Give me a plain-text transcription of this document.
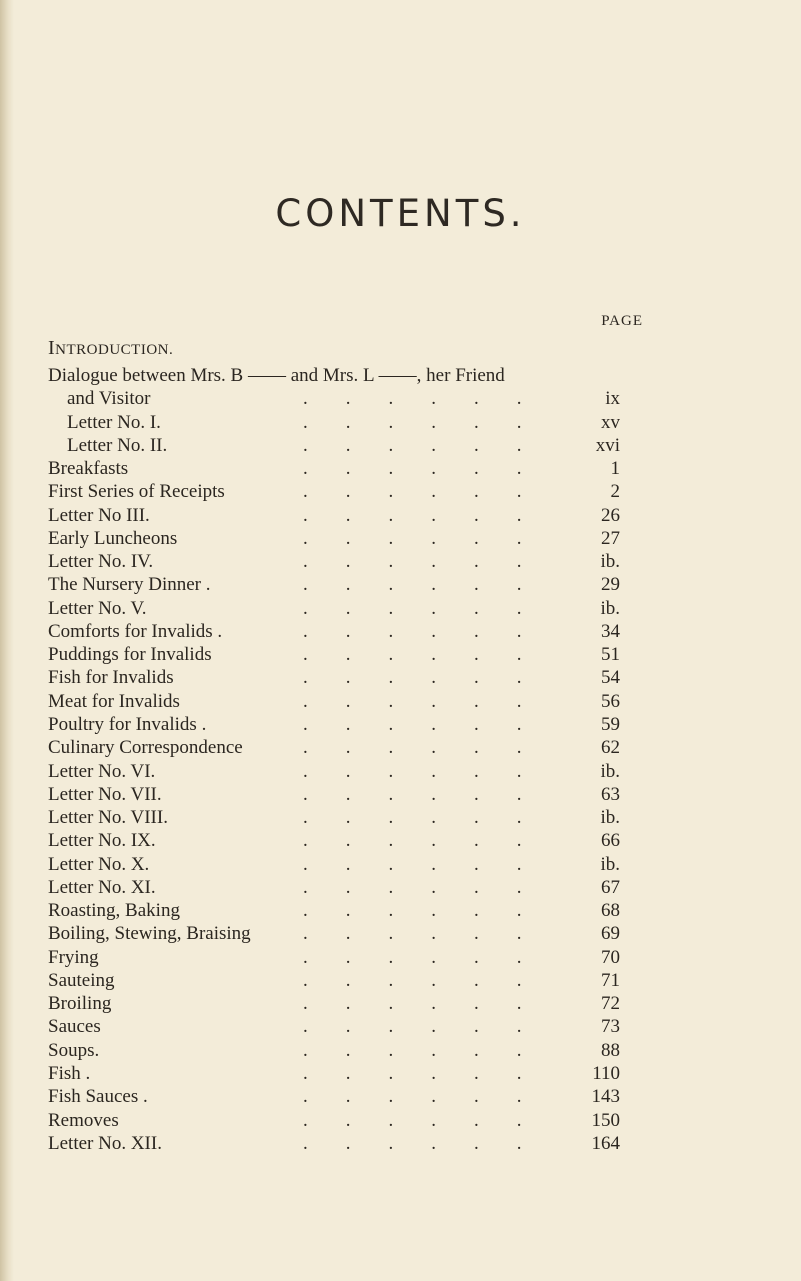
CONTENTS.
PAGE
INTRODUCTION.
Dialogue between Mrs. B —— and Mrs. L ——, her Friend
and Visitor	.        .        .        .        .        .	ix
Letter No. I.	.        .        .        .        .        .	xv
Letter No. II.	.        .        .        .        .        .	xvi
Breakfasts	.        .        .        .        .        .	1
First Series of Receipts	.        .        .        .        .        .	2
Letter No III.	.        .        .        .        .        .	26
Early Luncheons	.        .        .        .        .        .	27
Letter No. IV.	.        .        .        .        .        .	ib.
The Nursery Dinner .	.        .        .        .        .        .	29
Letter No. V.	.        .        .        .        .        .	ib.
Comforts for Invalids .	.        .        .        .        .        .	34
Puddings for Invalids	.        .        .        .        .        .	51
Fish for Invalids	.        .        .        .        .        .	54
Meat for Invalids	.        .        .        .        .        .	56
Poultry for Invalids .	.        .        .        .        .        .	59
Culinary Correspondence	.        .        .        .        .        .	62
Letter No. VI.	.        .        .        .        .        .	ib.
Letter No. VII.	.        .        .        .        .        .	63
Letter No. VIII.	.        .        .        .        .        .	ib.
Letter No. IX.	.        .        .        .        .        .	66
Letter No. X.	.        .        .        .        .        .	ib.
Letter No. XI.	.        .        .        .        .        .	67
Roasting, Baking	.        .        .        .        .        .	68
Boiling, Stewing, Braising	.        .        .        .        .        .	69
Frying	.        .        .        .        .        .	70
Sauteing	.        .        .        .        .        .	71
Broiling	.        .        .        .        .        .	72
Sauces	.        .        .        .        .        .	73
Soups.	.        .        .        .        .        .	88
Fish .	.        .        .        .        .        .	110
Fish Sauces .	.        .        .        .        .        .	143
Removes	.        .        .        .        .        .	150
Letter No. XII.	.        .        .        .        .        .	164
